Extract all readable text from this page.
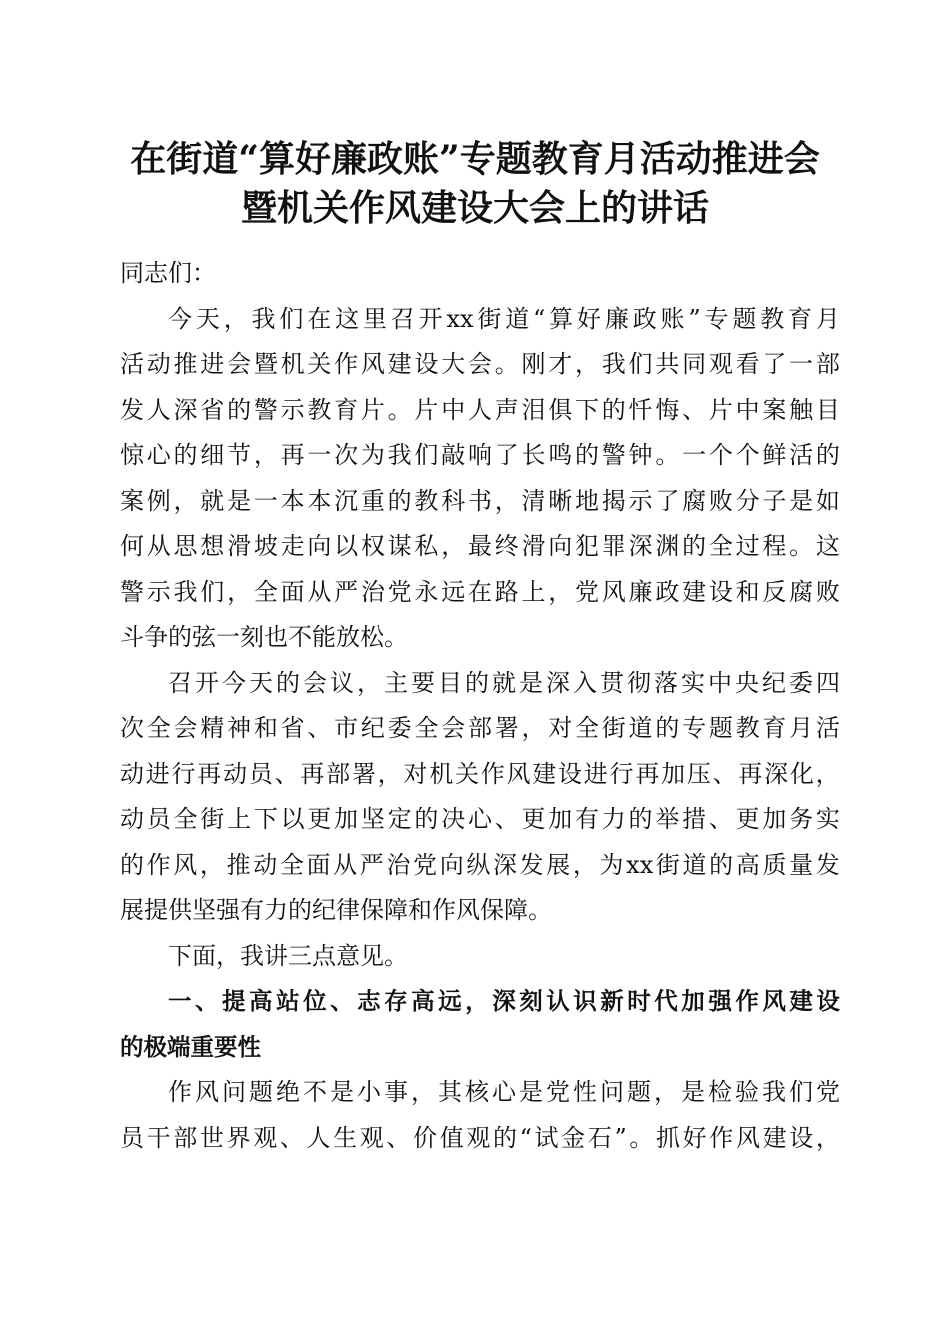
在街道“算好廉政账”专题教育月活动推进会
暨机关作风建设大会上的讲话

同志们：

今 天 ， 我 们 在 这 里 召 开 xx 街 道 “ 算 好 廉 政 账 ” 专 题 教 育 月
活 动 推 进 会 暨 机 关 作 风 建 设 大 会 。 刚 才 ， 我 们 共 同 观 看 了 一 部
发 人 深 省 的 警 示 教 育 片 。 片 中 人 声 泪 俱 下 的 忏 悔 、 片 中 案 触 目
惊 心 的 细 节 ， 再 一 次 为 我 们 敲 响 了 长 鸣 的 警 钟 。 一 个 个 鲜 活 的
案 例 ， 就 是 一 本 本 沉 重 的 教 科 书 ， 清 晰 地 揭 示 了 腐 败 分 子 是 如
何 从 思 想 滑 坡 走 向 以 权 谋 私 ， 最 终 滑 向 犯 罪 深 渊 的 全 过 程 。 这
警 示 我 们 ， 全 面 从 严 治 党 永 远 在 路 上 ， 党 风 廉 政 建 设 和 反 腐 败
斗争的弦一刻也不能放松。
召 开 今 天 的 会 议 ， 主 要 目 的 就 是 深 入 贯 彻 落 实 中 央 纪 委 四
次 全 会 精 神 和 省 、 市 纪 委 全 会 部 署 ， 对 全 街 道 的 专 题 教 育 月 活
动 进 行 再 动 员 、 再 部 署 ， 对 机 关 作 风 建 设 进 行 再 加 压 、 再 深 化 ，
动 员 全 街 上 下 以 更 加 坚 定 的 决 心 、 更 加 有 力 的 举 措 、 更 加 务 实
的 作 风 ， 推 动 全 面 从 严 治 党 向 纵 深 发 展 ， 为 xx 街 道 的 高 质 量 发
展提供坚强有力的纪律保障和作风保障。
下面，我讲三点意见。
一 、 提 高 站 位 、 志 存 高 远 ， 深 刻 认 识 新 时 代 加 强 作 风 建 设
的极端重要性
作 风 问 题 绝 不 是 小 事 ， 其 核 心 是 党 性 问 题 ， 是 检 验 我 们 党
员 干 部 世 界 观 、 人 生 观 、 价 值 观 的 “ 试 金 石 ” 。 抓 好 作 风 建 设 ，
